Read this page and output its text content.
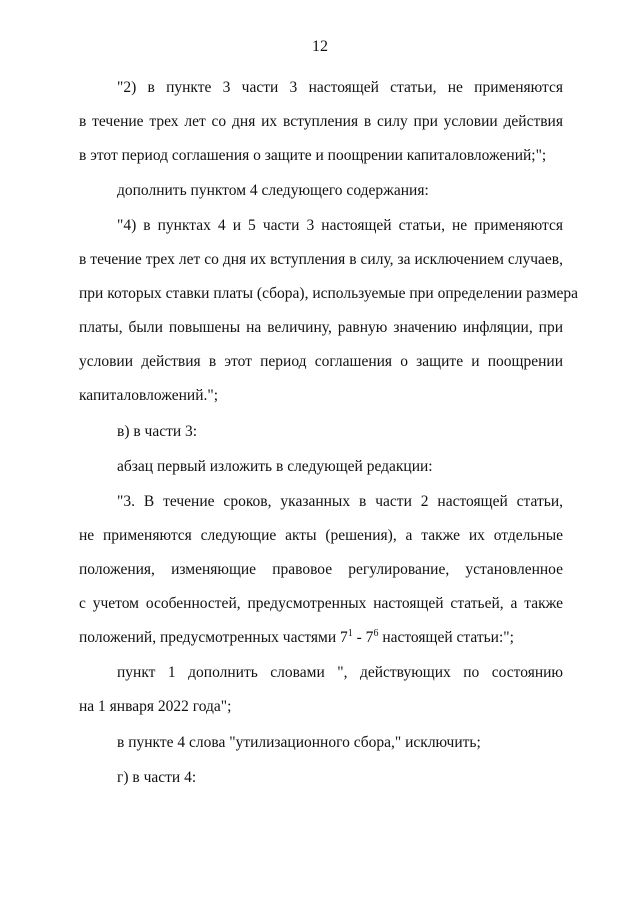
12
"2) в пункте 3 части 3 настоящей статьи, не применяются
в течение трех лет со дня их вступления в силу при условии действия
в этот период соглашения о защите и поощрении капиталовложений;";
дополнить пунктом 4 следующего содержания:
"4) в пунктах 4 и 5 части 3 настоящей статьи, не применяются
в течение трех лет со дня их вступления в силу, за исключением случаев,
при которых ставки платы (сбора), используемые при определении размера
платы, были повышены на величину, равную значению инфляции, при
условии действия в этот период соглашения о защите и поощрении
капиталовложений.";
в) в части 3:
абзац первый изложить в следующей редакции:
"3. В течение сроков, указанных в части 2 настоящей статьи,
не применяются следующие акты (решения), а также их отдельные
положения, изменяющие правовое регулирование, установленное
с учетом особенностей, предусмотренных настоящей статьей, а также
положений, предусмотренных частями $7^1 - 7^6$ настоящей статьи:";
пункт 1 дополнить словами ", действующих по состоянию
на 1 января 2022 года";
в пункте 4 слова "утилизационного сбора," исключить;
г) в части 4:
